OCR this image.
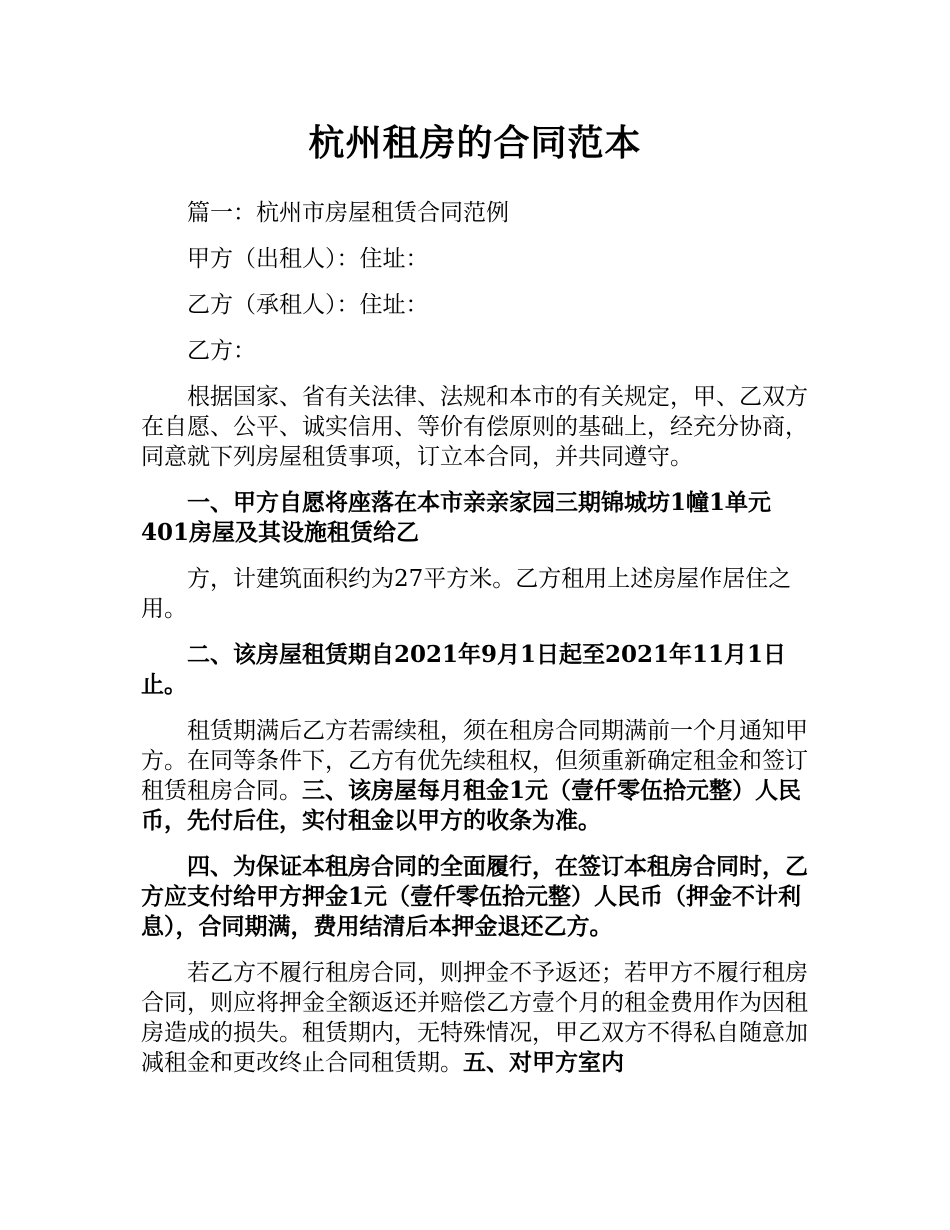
杭州租房的合同范本

篇一：杭州市房屋租赁合同范例

甲方（出租人）：住址：

乙方（承租人）：住址：

乙方：

根据国家、省有关法律、法规和本市的有关规定，甲、乙双方在自愿、公平、诚实信用、等价有偿原则的基础上，经充分协商，同意就下列房屋租赁事项，订立本合同，并共同遵守。

一、甲方自愿将座落在本市亲亲家园三期锦城坊1幢1单元401房屋及其设施租赁给乙

方，计建筑面积约为27平方米。乙方租用上述房屋作居住之用。

二、该房屋租赁期自2021年9月1日起至2021年11月1日止。

租赁期满后乙方若需续租，须在租房合同期满前一个月通知甲方。在同等条件下，乙方有优先续租权，但须重新确定租金和签订租赁租房合同。三、该房屋每月租金1元（壹仟零伍拾元整）人民币，先付后住，实付租金以甲方的收条为准。

四、为保证本租房合同的全面履行，在签订本租房合同时，乙方应支付给甲方押金1元（壹仟零伍拾元整）人民币（押金不计利息），合同期满，费用结清后本押金退还乙方。

若乙方不履行租房合同，则押金不予返还；若甲方不履行租房合同，则应将押金全额返还并赔偿乙方壹个月的租金费用作为因租房造成的损失。租赁期内，无特殊情况，甲乙双方不得私自随意加减租金和更改终止合同租赁期。五、对甲方室内
